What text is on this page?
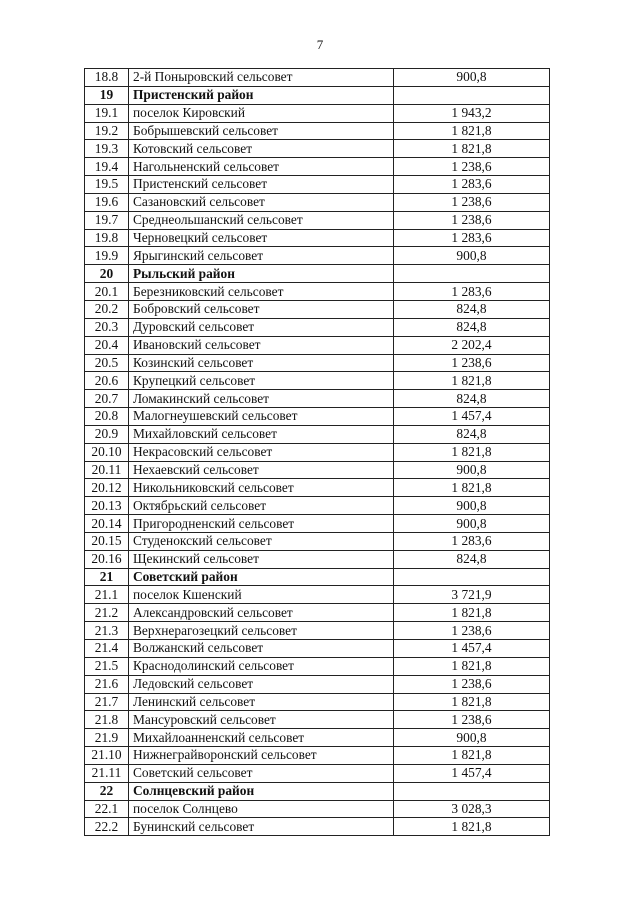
7
18.8	2-й Поныровский сельсовет	900,8
19	Пристенский район	
19.1	поселок Кировский	1 943,2
19.2	Бобрышевский сельсовет	1 821,8
19.3	Котовский сельсовет	1 821,8
19.4	Нагольненский сельсовет	1 238,6
19.5	Пристенский сельсовет	1 283,6
19.6	Сазановский сельсовет	1 238,6
19.7	Среднеольшанский сельсовет	1 238,6
19.8	Черновецкий сельсовет	1 283,6
19.9	Ярыгинский сельсовет	900,8
20	Рыльский район	
20.1	Березниковский сельсовет	1 283,6
20.2	Бобровский сельсовет	824,8
20.3	Дуровский сельсовет	824,8
20.4	Ивановский сельсовет	2 202,4
20.5	Козинский сельсовет	1 238,6
20.6	Крупецкий сельсовет	1 821,8
20.7	Ломакинский сельсовет	824,8
20.8	Малогнеушевский сельсовет	1 457,4
20.9	Михайловский сельсовет	824,8
20.10	Некрасовский сельсовет	1 821,8
20.11	Нехаевский сельсовет	900,8
20.12	Никольниковский сельсовет	1 821,8
20.13	Октябрьский сельсовет	900,8
20.14	Пригородненский сельсовет	900,8
20.15	Студенокский сельсовет	1 283,6
20.16	Щекинский сельсовет	824,8
21	Советский район	
21.1	поселок Кшенский	3 721,9
21.2	Александровский сельсовет	1 821,8
21.3	Верхнерагозецкий сельсовет	1 238,6
21.4	Волжанский сельсовет	1 457,4
21.5	Краснодолинский сельсовет	1 821,8
21.6	Ледовский сельсовет	1 238,6
21.7	Ленинский сельсовет	1 821,8
21.8	Мансуровский сельсовет	1 238,6
21.9	Михайлоанненский сельсовет	900,8
21.10	Нижнеграйворонский сельсовет	1 821,8
21.11	Советский сельсовет	1 457,4
22	Солнцевский район	
22.1	поселок Солнцево	3 028,3
22.2	Бунинский сельсовет	1 821,8
